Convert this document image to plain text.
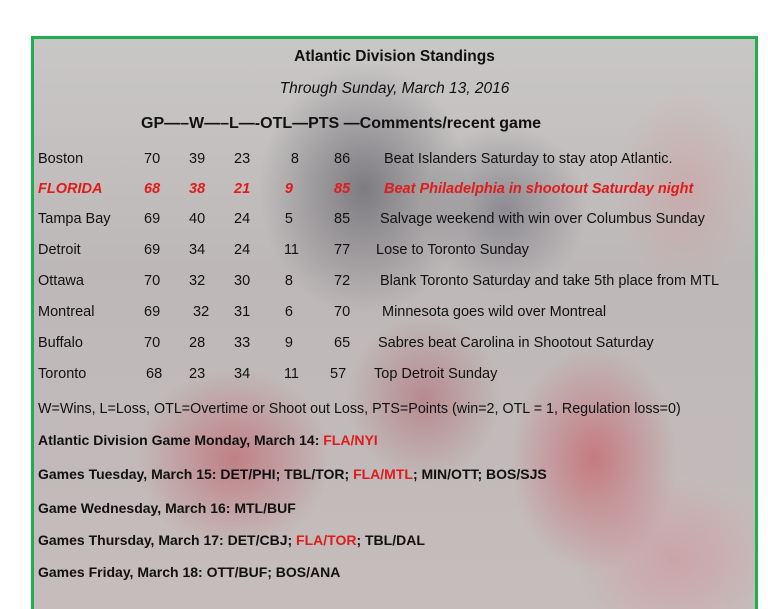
Atlantic Division Standings
Through Sunday, March 13, 2016
GP—–W—–L—-OTL—PTS —Comments/recent game
Boston	70 39 23	8 86 Beat Islanders Saturday to stay atop Atlantic.
FLORIDA	68 38 21	9	85 Beat Philadelphia in shootout Saturday night
Tampa Bay 69 40 24	5	85 Salvage weekend with win over Columbus Sunday
Detroit	69 34 24	11 77 Lose to Toronto Sunday
Ottawa	70 32 30	8	72 Blank Toronto Saturday and take 5th place from MTL
Montreal	69 32 31	6	70 Minnesota goes wild over Montreal
Buffalo	70 28 33	9	65 Sabres beat Carolina in Shootout Saturday
Toronto	68 23 34	11 57 Top Detroit Sunday
W=Wins, L=Loss, OTL=Overtime or Shoot out Loss, PTS=Points (win=2, OTL = 1, Regulation loss=0)
Atlantic Division Game Monday, March 14: FLA/NYI
Games Tuesday, March 15: DET/PHI; TBL/TOR; FLA/MTL; MIN/OTT; BOS/SJS
Game Wednesday, March 16: MTL/BUF
Games Thursday, March 17: DET/CBJ; FLA/TOR; TBL/DAL
Games Friday, March 18: OTT/BUF; BOS/ANA
